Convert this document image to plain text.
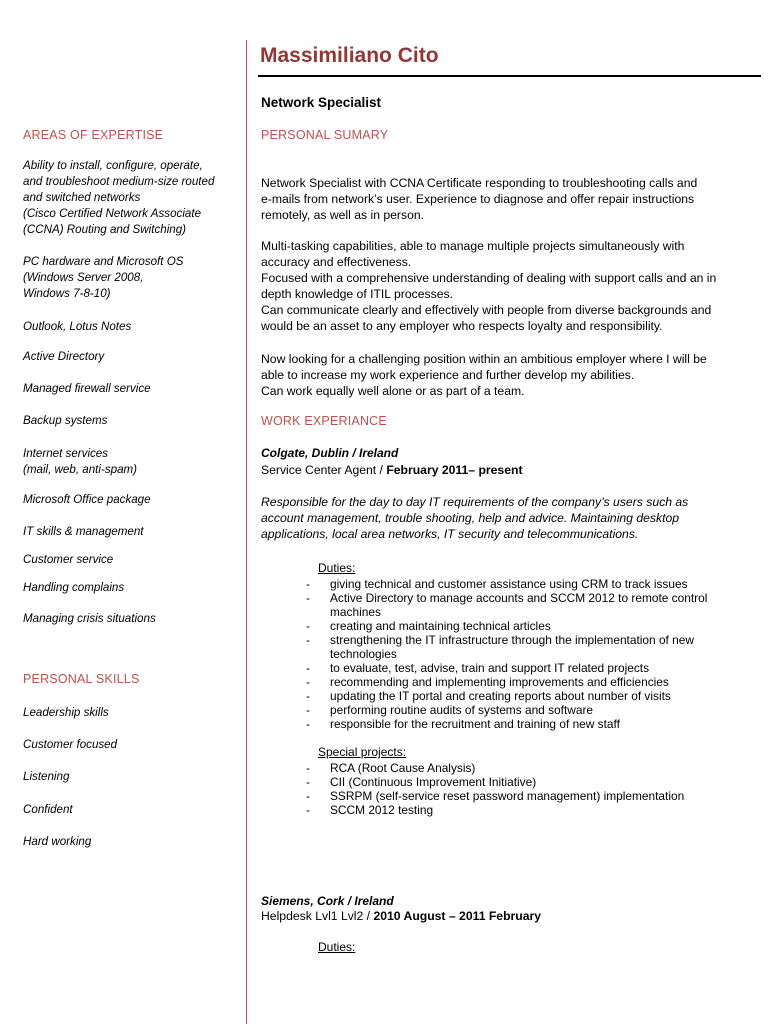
Massimiliano Cito
Network Specialist
AREAS OF EXPERTISE
Ability to install, configure, operate,
and troubleshoot medium-size routed
and switched networks
(Cisco Certified Network Associate
(CCNA) Routing and Switching)
PC hardware and Microsoft OS
(Windows Server 2008,
Windows 7-8-10)
Outlook, Lotus Notes
Active Directory
Managed firewall service
Backup systems
Internet services
(mail, web, anti-spam)
Microsoft Office package
IT skills & management
Customer service
Handling complains
Managing crisis situations
PERSONAL SKILLS
Leadership skills
Customer focused
Listening
Confident
Hard working
PERSONAL SUMARY
Network Specialist with CCNA Certificate responding to troubleshooting calls and
e-mails from network’s user. Experience to diagnose and offer repair instructions
remotely, as well as in person.
Multi-tasking capabilities, able to manage multiple projects simultaneously with
accuracy and effectiveness.
Focused with a comprehensive understanding of dealing with support calls and an in
depth knowledge of ITIL processes.
Can communicate clearly and effectively with people from diverse backgrounds and
would be an asset to any employer who respects loyalty and responsibility.
Now looking for a challenging position within an ambitious employer where I will be
able to increase my work experience and further develop my abilities.
Can work equally well alone or as part of a team.
WORK EXPERIANCE
Colgate, Dublin / Ireland
Service Center Agent / February 2011– present
Responsible for the day to day IT requirements of the company’s users such as
account management, trouble shooting, help and advice. Maintaining desktop
applications, local area networks, IT security and telecommunications.
Duties:
- giving technical and customer assistance using CRM to track issues
- Active Directory to manage accounts and SCCM 2012 to remote control
machines
- creating and maintaining technical articles
- strengthening the IT infrastructure through the implementation of new
technologies
- to evaluate, test, advise, train and support IT related projects
- recommending and implementing improvements and efficiencies
- updating the IT portal and creating reports about number of visits
- performing routine audits of systems and software
- responsible for the recruitment and training of new staff
Special projects:
- RCA (Root Cause Analysis)
- CII (Continuous Improvement Initiative)
- SSRPM (self-service reset password management) implementation
- SCCM 2012 testing
Siemens, Cork / Ireland
Helpdesk Lvl1 Lvl2 / 2010 August – 2011 February
Duties:
